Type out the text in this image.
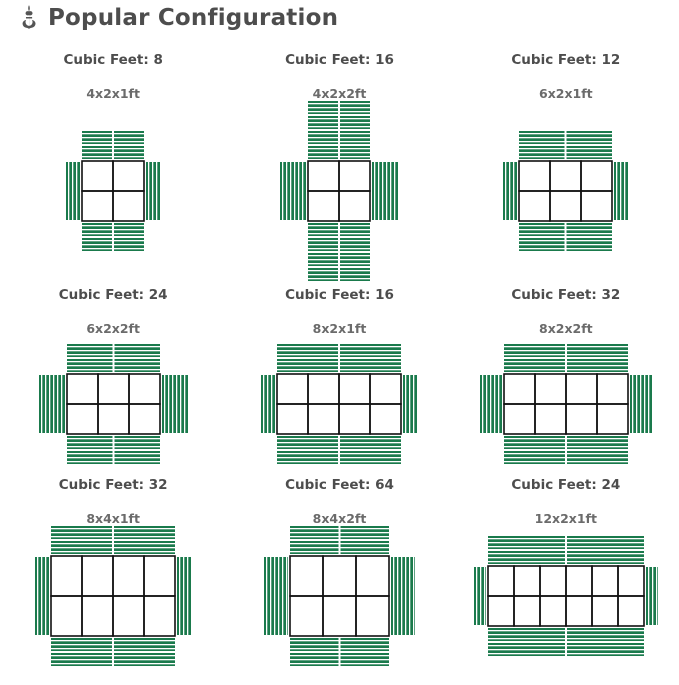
Popular Configuration
Cubic Feet: 8
4x2x1ft
Cubic Feet: 16
4x2x2ft
Cubic Feet: 12
6x2x1ft
Cubic Feet: 24
6x2x2ft
Cubic Feet: 16
8x2x1ft
Cubic Feet: 32
8x2x2ft
Cubic Feet: 32
8x4x1ft
Cubic Feet: 64
8x4x2ft
Cubic Feet: 24
12x2x1ft
